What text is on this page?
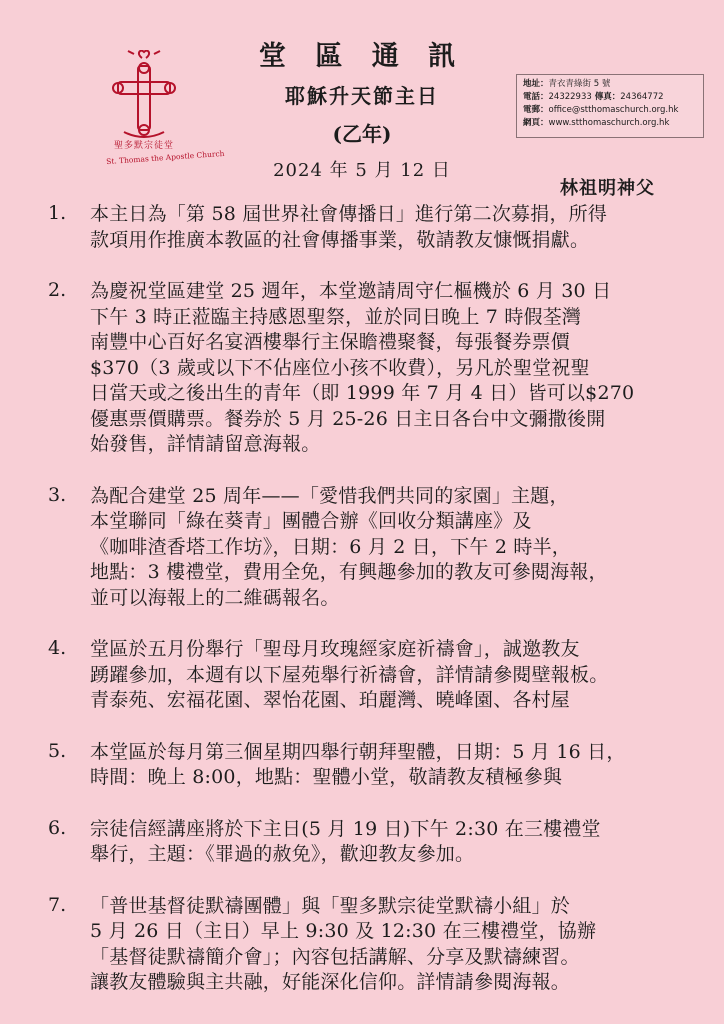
聖多默宗徒堂
St. Thomas the Apostle Church
堂 區 通 訊
耶穌升天節主日
(乙年)
2024 年 5 月 12 日
地址：青衣青綠街 5 號
電話：24322933 傳真：24364772
電郵：office@stthomaschurch.org.hk
網頁：www.stthomaschurch.org.hk
林祖明神父
1. 本主日為「第 58 屆世界社會傳播日」進行第二次募捐，所得
款項用作推廣本教區的社會傳播事業，敬請教友慷慨捐獻。
2. 為慶祝堂區建堂 25 週年，本堂邀請周守仁樞機於 6 月 30 日
下午 3 時正蒞臨主持感恩聖祭，並於同日晚上 7 時假荃灣
南豐中心百好名宴酒樓舉行主保瞻禮聚餐，每張餐券票價
$370（3 歲或以下不佔座位小孩不收費），另凡於聖堂祝聖
日當天或之後出生的青年（即 1999 年 7 月 4 日）皆可以$270
優惠票價購票。餐券於 5 月 25-26 日主日各台中文彌撒後開
始發售，詳情請留意海報。
3. 為配合建堂 25 周年——「愛惜我們共同的家園」主題，
本堂聯同「綠在葵青」團體合辦《回收分類講座》及
《咖啡渣香塔工作坊》，日期：6 月 2 日，下午 2 時半，
地點：3 樓禮堂，費用全免，有興趣參加的教友可參閱海報，
並可以海報上的二維碼報名。
4. 堂區於五月份舉行「聖母月玫瑰經家庭祈禱會」，誠邀教友
踴躍參加，本週有以下屋苑舉行祈禱會，詳情請參閱壁報板。
青泰苑、宏福花園、翠怡花園、珀麗灣、曉峰園、各村屋
5. 本堂區於每月第三個星期四舉行朝拜聖體，日期：5 月 16 日，
時間：晚上 8:00，地點：聖體小堂，敬請教友積極參與
6. 宗徒信經講座將於下主日(5 月 19 日)下午 2:30 在三樓禮堂
舉行，主題：《罪過的赦免》，歡迎教友參加。
7. 「普世基督徒默禱團體」與「聖多默宗徒堂默禱小組」於
5 月 26 日（主日）早上 9:30 及 12:30 在三樓禮堂，協辦
「基督徒默禱簡介會」；內容包括講解、分享及默禱練習。
讓教友體驗與主共融，好能深化信仰。詳情請參閱海報。
